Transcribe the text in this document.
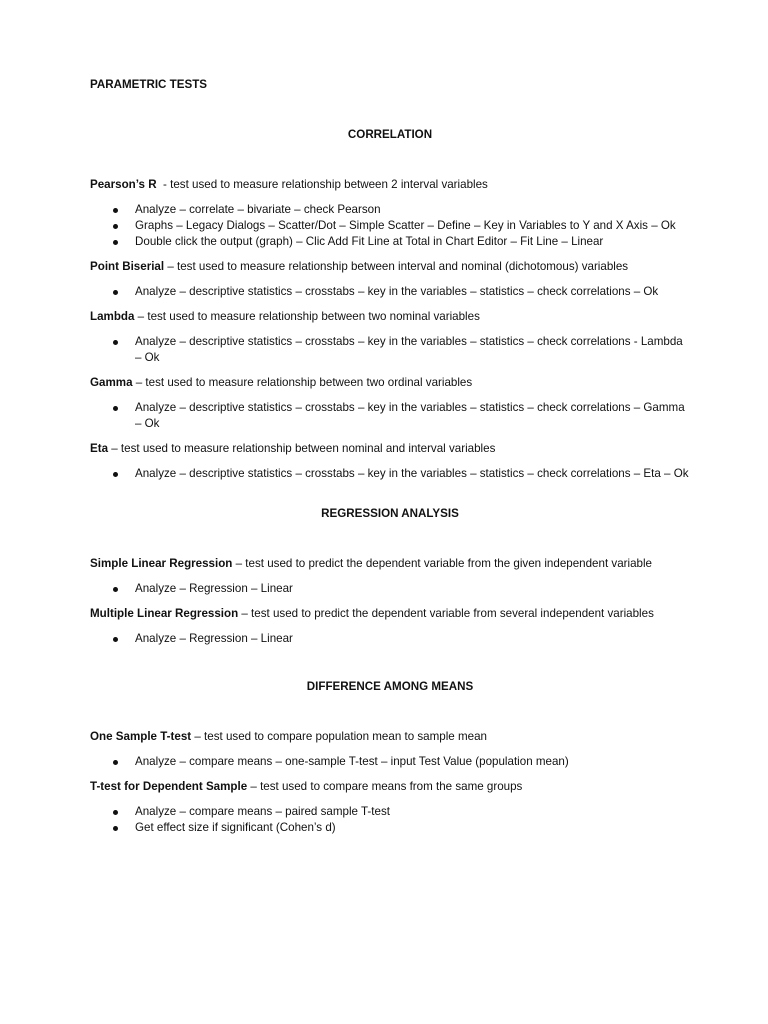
PARAMETRIC TESTS
CORRELATION
Pearson’s R  - test used to measure relationship between 2 interval variables
Analyze – correlate – bivariate – check Pearson
Graphs – Legacy Dialogs – Scatter/Dot – Simple Scatter – Define – Key in Variables to Y and X Axis – Ok
Double click the output (graph) – Clic Add Fit Line at Total in Chart Editor – Fit Line – Linear
Point Biserial – test used to measure relationship between interval and nominal (dichotomous) variables
Analyze – descriptive statistics – crosstabs – key in the variables – statistics – check correlations – Ok
Lambda – test used to measure relationship between two nominal variables
Analyze – descriptive statistics – crosstabs – key in the variables – statistics – check correlations - Lambda – Ok
Gamma – test used to measure relationship between two ordinal variables
Analyze – descriptive statistics – crosstabs – key in the variables – statistics – check correlations – Gamma – Ok
Eta – test used to measure relationship between nominal and interval variables
Analyze – descriptive statistics – crosstabs – key in the variables – statistics – check correlations – Eta – Ok
REGRESSION ANALYSIS
Simple Linear Regression – test used to predict the dependent variable from the given independent variable
Analyze – Regression – Linear
Multiple Linear Regression – test used to predict the dependent variable from several independent variables
Analyze – Regression – Linear
DIFFERENCE AMONG MEANS
One Sample T-test – test used to compare population mean to sample mean
Analyze – compare means – one-sample T-test – input Test Value (population mean)
T-test for Dependent Sample – test used to compare means from the same groups
Analyze – compare means – paired sample T-test
Get effect size if significant (Cohen’s d)
